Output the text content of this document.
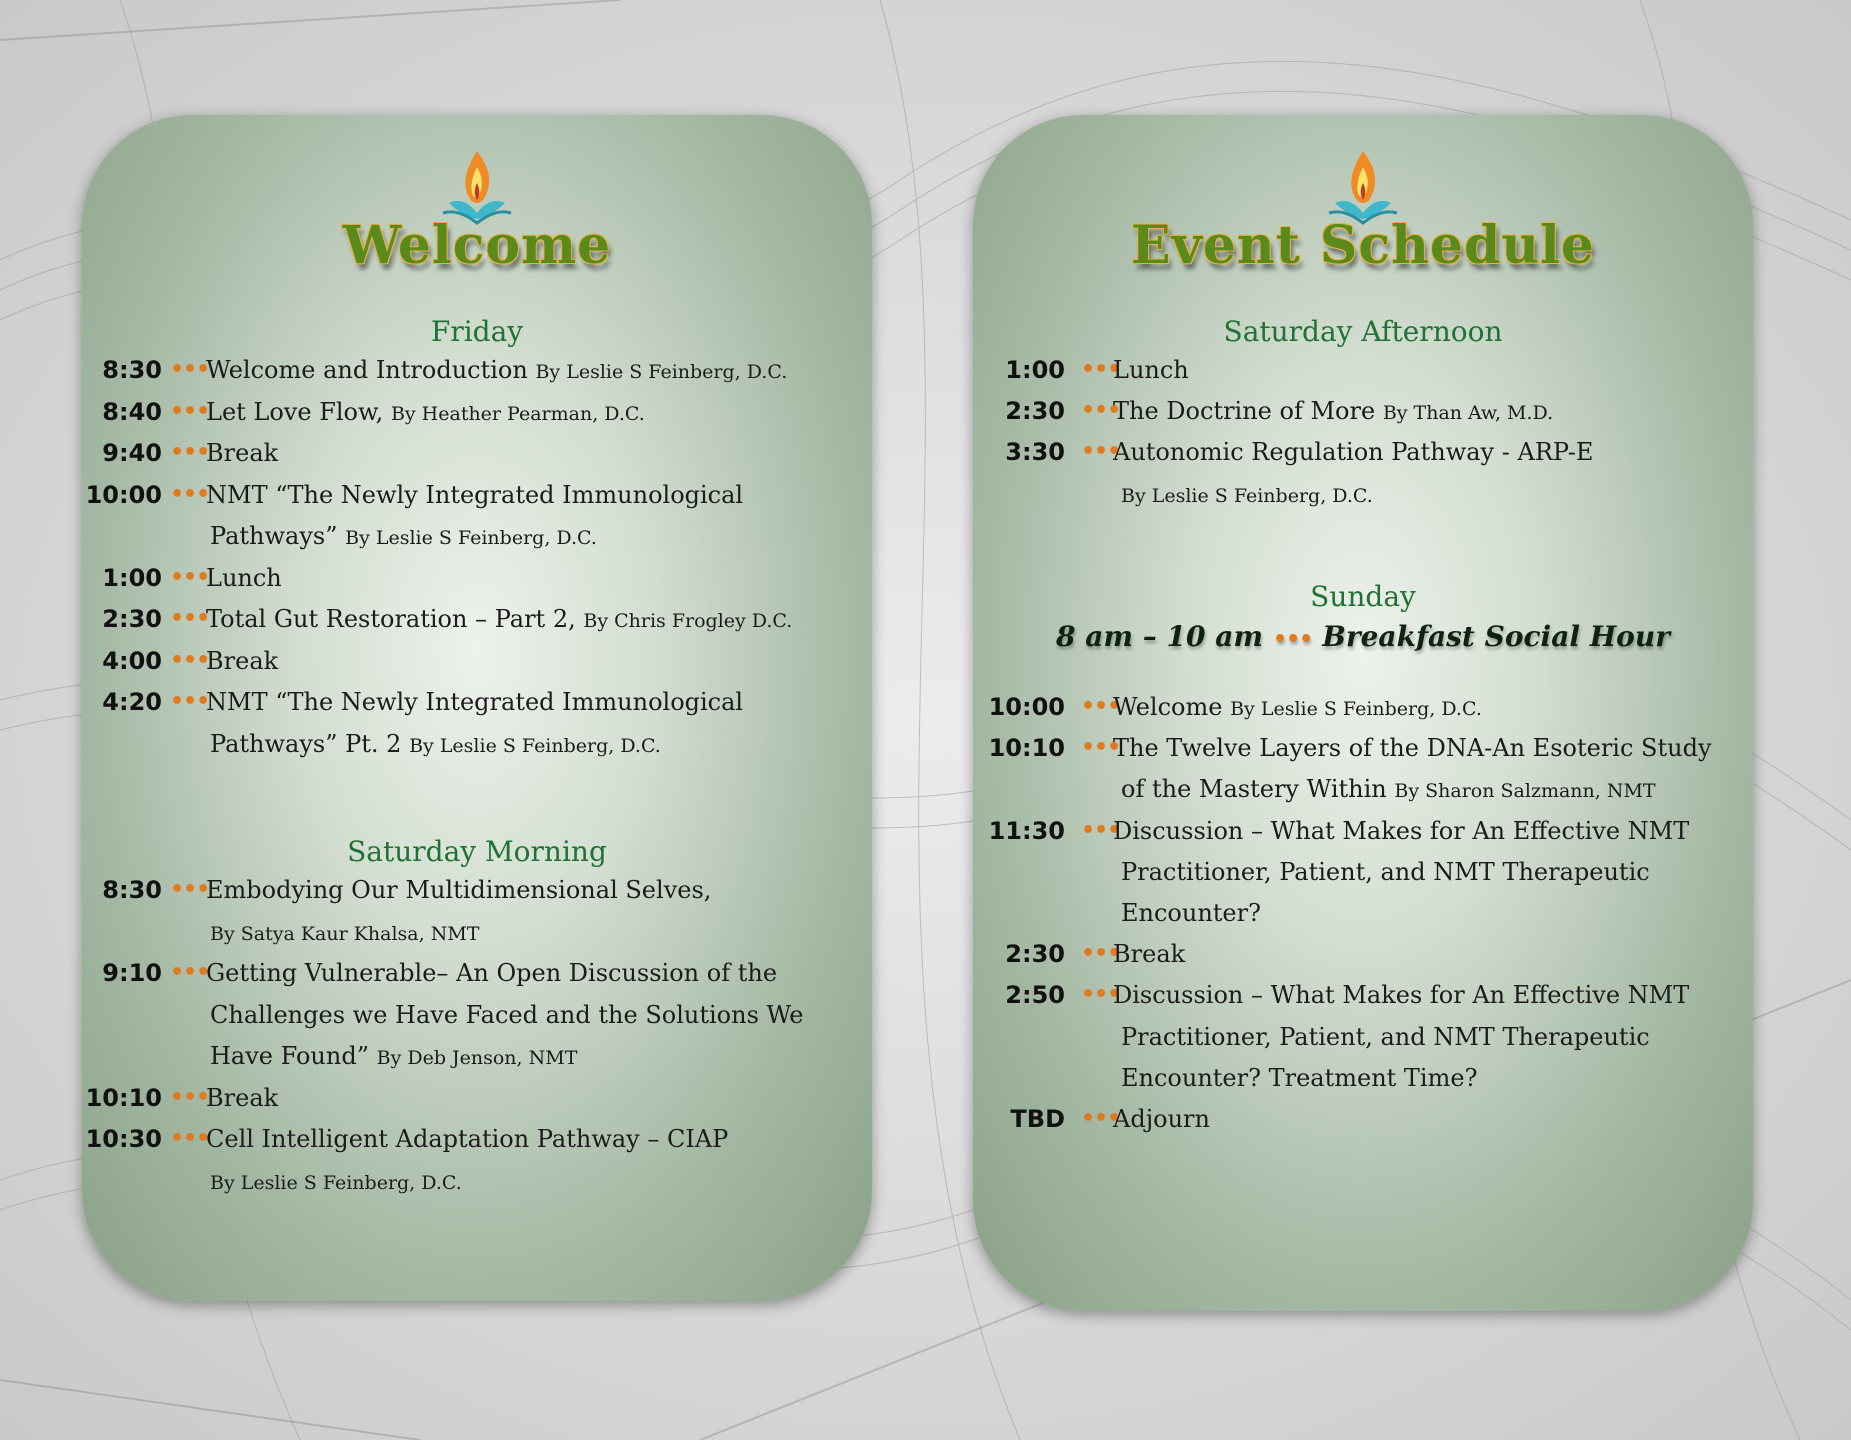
Welcome
Friday
8:30 •••
Welcome and Introduction By Leslie S Feinberg, D.C.
8:40 •••
Let Love Flow, By Heather Pearman, D.C.
9:40 •••
Break
10:00 •••
NMT “The Newly Integrated Immunological
Pathways” By Leslie S Feinberg, D.C.
1:00 •••
Lunch
2:30 •••
Total Gut Restoration – Part 2, By Chris Frogley D.C.
4:00 •••
Break
4:20 •••
NMT “The Newly Integrated Immunological
Pathways” Pt. 2 By Leslie S Feinberg, D.C.
Saturday Morning
8:30 •••
Embodying Our Multidimensional Selves,
By Satya Kaur Khalsa, NMT
9:10 •••
Getting Vulnerable– An Open Discussion of the
Challenges we Have Faced and the Solutions We
Have Found” By Deb Jenson, NMT
10:10 •••
Break
10:30 •••
Cell Intelligent Adaptation Pathway – CIAP
By Leslie S Feinberg, D.C.
Event Schedule
Saturday Afternoon
1:00 •••
Lunch
2:30 •••
The Doctrine of More By Than Aw, M.D.
3:30 •••
Autonomic Regulation Pathway - ARP-E
By Leslie S Feinberg, D.C.
Sunday
8 am – 10 am ••• Breakfast Social Hour
10:00 •••
Welcome By Leslie S Feinberg, D.C.
10:10 •••
The Twelve Layers of the DNA-An Esoteric Study
of the Mastery Within By Sharon Salzmann, NMT
11:30 •••
Discussion – What Makes for An Effective NMT
Practitioner, Patient, and NMT Therapeutic
Encounter?
2:30 •••
Break
2:50 •••
Discussion – What Makes for An Effective NMT
Practitioner, Patient, and NMT Therapeutic
Encounter? Treatment Time?
TBD •••
Adjourn
